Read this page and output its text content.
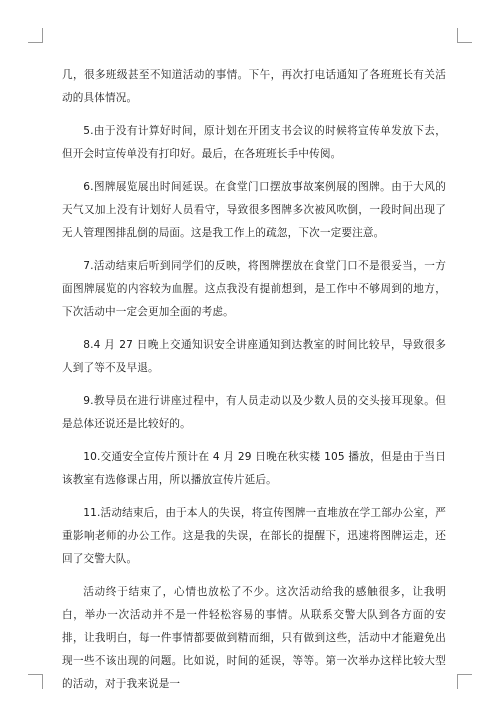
几，很多班级甚至不知道活动的事情。下午，再次打电话通知了各班班长有关活动的具体情况。

5.由于没有计算好时间，原计划在开团支书会议的时候将宣传单发放下去，但开会时宣传单没有打印好。最后，在各班班长手中传阅。

6.图牌展览展出时间延误。在食堂门口摆放事故案例展的图牌。由于大风的天气又加上没有计划好人员看守，导致很多图牌多次被风吹倒，一段时间出现了无人管理图排乱倒的局面。这是我工作上的疏忽，下次一定要注意。

7.活动结束后听到同学们的反映，将图牌摆放在食堂门口不是很妥当，一方面图牌展览的内容较为血腥。这点我没有提前想到，是工作中不够周到的地方，下次活动中一定会更加全面的考虑。

8.4 月 27 日晚上交通知识安全讲座通知到达教室的时间比较早，导致很多人到了等不及早退。

9.教导员在进行讲座过程中，有人员走动以及少数人员的交头接耳现象。但是总体还说还是比较好的。

10.交通安全宣传片预计在 4 月 29 日晚在秋实楼 105 播放，但是由于当日该教室有选修课占用，所以播放宣传片延后。

11.活动结束后，由于本人的失误，将宣传图牌一直堆放在学工部办公室，严重影响老师的办公工作。这是我的失误，在部长的提醒下，迅速将图牌运走，还回了交警大队。

活动终于结束了，心情也放松了不少。这次活动给我的感触很多，让我明白，举办一次活动并不是一件轻松容易的事情。从联系交警大队到各方面的安排，让我明白，每一件事情都要做到精而细，只有做到这些，活动中才能避免出现一些不该出现的问题。比如说，时间的延误，等等。第一次举办这样比较大型的活动，对于我来说是一
